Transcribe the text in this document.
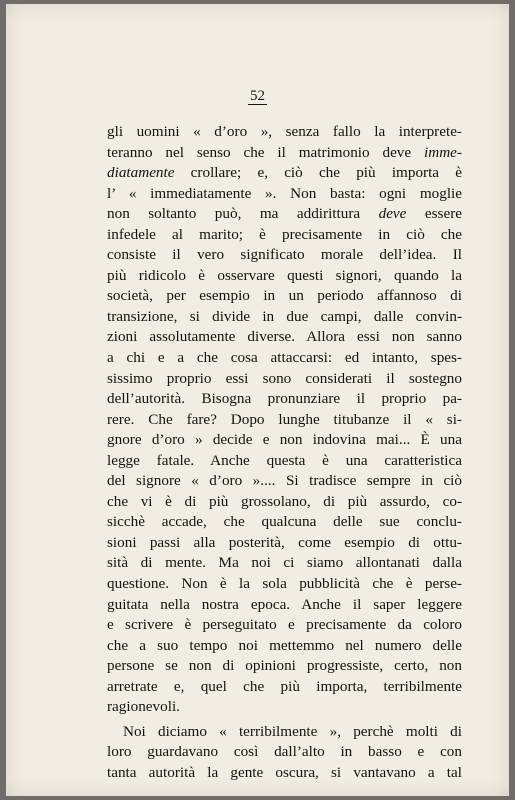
52
gli uomini « d’oro », senza fallo la interprete-
teranno nel senso che il matrimonio deve imme-
diatamente crollare; e, ciò che più importa è
l’ « immediatamente ». Non basta: ogni moglie
non soltanto può, ma addirittura deve essere
infedele al marito; è precisamente in ciò che
consiste il vero significato morale dell’idea. Il
più ridicolo è osservare questi signori, quando la
società, per esempio in un periodo affannoso di
transizione, si divide in due campi, dalle convin-
zioni assolutamente diverse. Allora essi non sanno
a chi e a che cosa attaccarsi: ed intanto, spes-
sissimo proprio essi sono considerati il sostegno
dell’autorità. Bisogna pronunziare il proprio pa-
rere. Che fare? Dopo lunghe titubanze il « si-
gnore d’oro » decide e non indovina mai... È una
legge fatale. Anche questa è una caratteristica
del signore « d’oro ».... Si tradisce sempre in ciò
che vi è di più grossolano, di più assurdo, co-
sicchè accade, che qualcuna delle sue conclu-
sioni passi alla posterità, come esempio di ottu-
sità di mente. Ma noi ci siamo allontanati dalla
questione. Non è la sola pubblicità che è perse-
guitata nella nostra epoca. Anche il saper leggere
e scrivere è perseguitato e precisamente da coloro
che a suo tempo noi mettemmo nel numero delle
persone se non di opinioni progressiste, certo, non
arretrate e, quel che più importa, terribilmente
ragionevoli.
Noi diciamo « terribilmente », perchè molti di
loro guardavano così dall’alto in basso e con
tanta autorità la gente oscura, si vantavano a tal
